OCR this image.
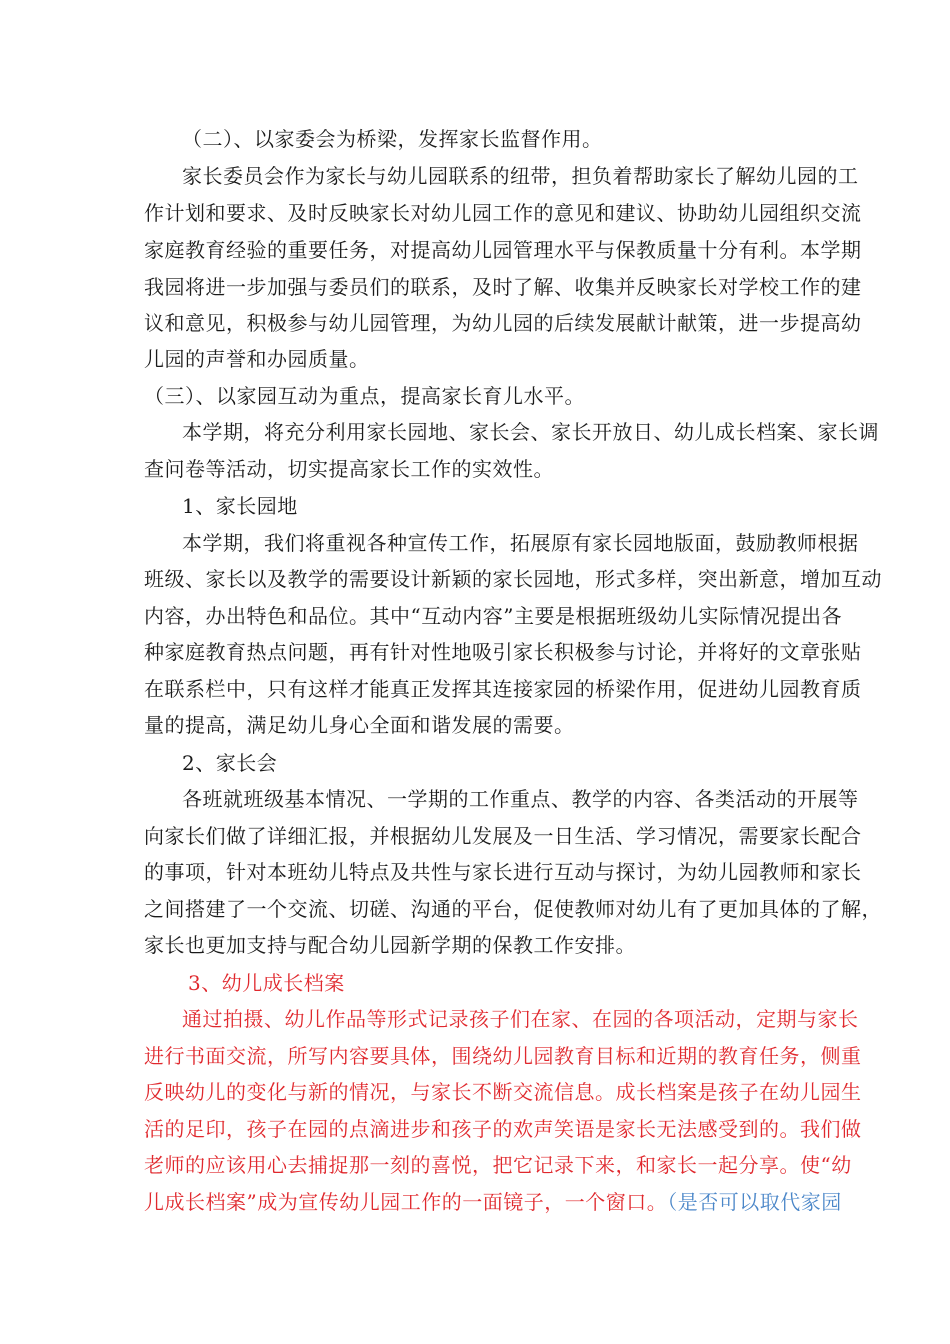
（二）、以家委会为桥梁，发挥家长监督作用。
家长委员会作为家长与幼儿园联系的纽带，担负着帮助家长了解幼儿园的工
作计划和要求、及时反映家长对幼儿园工作的意见和建议、协助幼儿园组织交流
家庭教育经验的重要任务，对提高幼儿园管理水平与保教质量十分有利。本学期
我园将进一步加强与委员们的联系，及时了解、收集并反映家长对学校工作的建
议和意见，积极参与幼儿园管理，为幼儿园的后续发展献计献策，进一步提高幼
儿园的声誉和办园质量。
（三）、以家园互动为重点，提高家长育儿水平。
本学期，将充分利用家长园地、家长会、家长开放日、幼儿成长档案、家长调
查问卷等活动，切实提高家长工作的实效性。
1、家长园地
本学期，我们将重视各种宣传工作，拓展原有家长园地版面，鼓励教师根据
班级、家长以及教学的需要设计新颖的家长园地，形式多样，突出新意，增加互动
内容，办出特色和品位。其中“互动内容”主要是根据班级幼儿实际情况提出各
种家庭教育热点问题，再有针对性地吸引家长积极参与讨论，并将好的文章张贴
在联系栏中，只有这样才能真正发挥其连接家园的桥梁作用，促进幼儿园教育质
量的提高，满足幼儿身心全面和谐发展的需要。
2、家长会
各班就班级基本情况、一学期的工作重点、教学的内容、各类活动的开展等
向家长们做了详细汇报，并根据幼儿发展及一日生活、学习情况，需要家长配合
的事项，针对本班幼儿特点及共性与家长进行互动与探讨，为幼儿园教师和家长
之间搭建了一个交流、切磋、沟通的平台，促使教师对幼儿有了更加具体的了解，
家长也更加支持与配合幼儿园新学期的保教工作安排。
3、幼儿成长档案
通过拍摄、幼儿作品等形式记录孩子们在家、在园的各项活动，定期与家长
进行书面交流，所写内容要具体，围绕幼儿园教育目标和近期的教育任务，侧重
反映幼儿的变化与新的情况，与家长不断交流信息。成长档案是孩子在幼儿园生
活的足印，孩子在园的点滴进步和孩子的欢声笑语是家长无法感受到的。我们做
老师的应该用心去捕捉那一刻的喜悦，把它记录下来，和家长一起分享。使“幼
儿成长档案”成为宣传幼儿园工作的一面镜子，一个窗口。（是否可以取代家园
